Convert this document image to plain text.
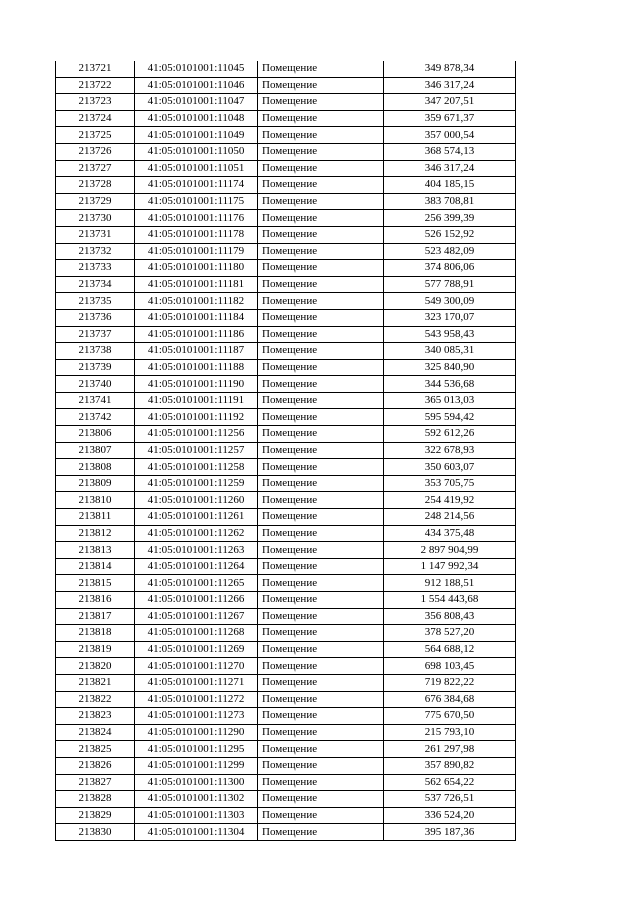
213721	41:05:0101001:11045	Помещение	349 878,34
213722	41:05:0101001:11046	Помещение	346 317,24
213723	41:05:0101001:11047	Помещение	347 207,51
213724	41:05:0101001:11048	Помещение	359 671,37
213725	41:05:0101001:11049	Помещение	357 000,54
213726	41:05:0101001:11050	Помещение	368 574,13
213727	41:05:0101001:11051	Помещение	346 317,24
213728	41:05:0101001:11174	Помещение	404 185,15
213729	41:05:0101001:11175	Помещение	383 708,81
213730	41:05:0101001:11176	Помещение	256 399,39
213731	41:05:0101001:11178	Помещение	526 152,92
213732	41:05:0101001:11179	Помещение	523 482,09
213733	41:05:0101001:11180	Помещение	374 806,06
213734	41:05:0101001:11181	Помещение	577 788,91
213735	41:05:0101001:11182	Помещение	549 300,09
213736	41:05:0101001:11184	Помещение	323 170,07
213737	41:05:0101001:11186	Помещение	543 958,43
213738	41:05:0101001:11187	Помещение	340 085,31
213739	41:05:0101001:11188	Помещение	325 840,90
213740	41:05:0101001:11190	Помещение	344 536,68
213741	41:05:0101001:11191	Помещение	365 013,03
213742	41:05:0101001:11192	Помещение	595 594,42
213806	41:05:0101001:11256	Помещение	592 612,26
213807	41:05:0101001:11257	Помещение	322 678,93
213808	41:05:0101001:11258	Помещение	350 603,07
213809	41:05:0101001:11259	Помещение	353 705,75
213810	41:05:0101001:11260	Помещение	254 419,92
213811	41:05:0101001:11261	Помещение	248 214,56
213812	41:05:0101001:11262	Помещение	434 375,48
213813	41:05:0101001:11263	Помещение	2 897 904,99
213814	41:05:0101001:11264	Помещение	1 147 992,34
213815	41:05:0101001:11265	Помещение	912 188,51
213816	41:05:0101001:11266	Помещение	1 554 443,68
213817	41:05:0101001:11267	Помещение	356 808,43
213818	41:05:0101001:11268	Помещение	378 527,20
213819	41:05:0101001:11269	Помещение	564 688,12
213820	41:05:0101001:11270	Помещение	698 103,45
213821	41:05:0101001:11271	Помещение	719 822,22
213822	41:05:0101001:11272	Помещение	676 384,68
213823	41:05:0101001:11273	Помещение	775 670,50
213824	41:05:0101001:11290	Помещение	215 793,10
213825	41:05:0101001:11295	Помещение	261 297,98
213826	41:05:0101001:11299	Помещение	357 890,82
213827	41:05:0101001:11300	Помещение	562 654,22
213828	41:05:0101001:11302	Помещение	537 726,51
213829	41:05:0101001:11303	Помещение	336 524,20
213830	41:05:0101001:11304	Помещение	395 187,36
